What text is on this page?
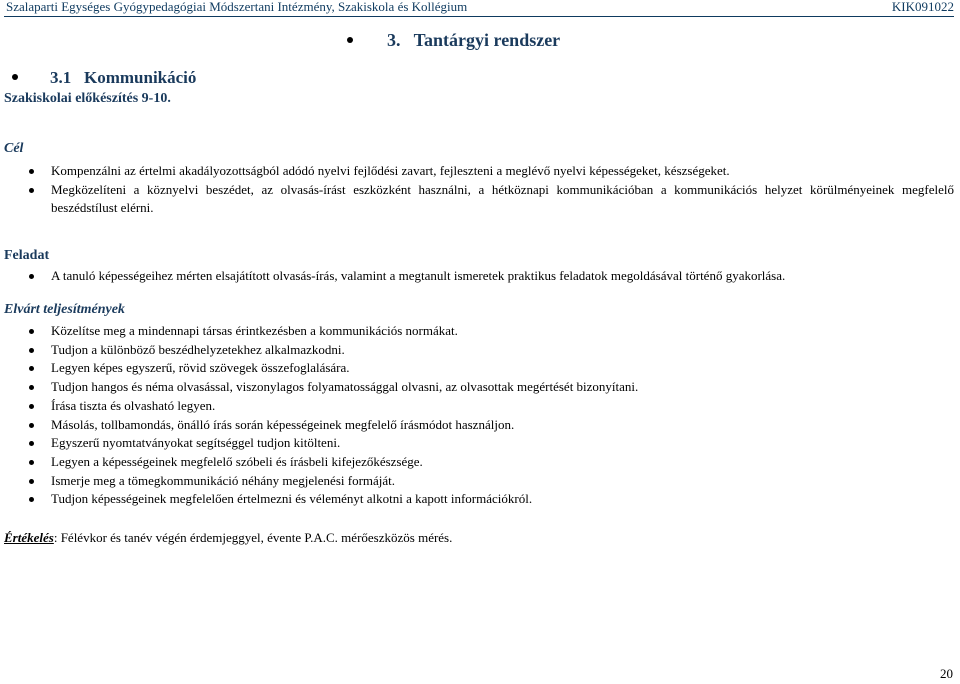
Szalaparti Egységes Gyógypedagógiai Módszertani Intézmény, Szakiskola és Kollégium	KIK091022
3.   Tantárgyi rendszer
3.1   Kommunikáció
Szakiskolai előkészítés 9-10.
Cél
Kompenzálni az értelmi akadályozottságból adódó nyelvi fejlődési zavart, fejleszteni a meglévő nyelvi képességeket, készségeket.
Megközelíteni a köznyelvi beszédet, az olvasás-írást eszközként használni, a hétköznapi kommunikációban a kommunikációs helyzet körülményeinek megfelelő beszédstílust elérni.
Feladat
A tanuló képességeihez mérten elsajátított olvasás-írás, valamint a megtanult ismeretek praktikus feladatok megoldásával történő gyakorlása.
Elvárt teljesítmények
Közelítse meg a mindennapi társas érintkezésben a kommunikációs normákat.
Tudjon a különböző beszédhelyzetekhez alkalmazkodni.
Legyen képes egyszerű, rövid szövegek összefoglalására.
Tudjon hangos és néma olvasással, viszonylagos folyamatossággal olvasni, az olvasottak megértését bizonyítani.
Írása tiszta és olvasható legyen.
Másolás, tollbamondás, önálló írás során képességeinek megfelelő írásmódot használjon.
Egyszerű nyomtatványokat segítséggel tudjon kitölteni.
Legyen a képességeinek megfelelő szóbeli és írásbeli kifejezőkészsége.
Ismerje meg a tömegkommunikáció néhány megjelenési formáját.
Tudjon képességeinek megfelelően értelmezni és véleményt alkotni a kapott információkról.
Értékelés: Félévkor és tanév végén érdemjeggyel, évente P.A.C. mérőeszközös mérés.
20
